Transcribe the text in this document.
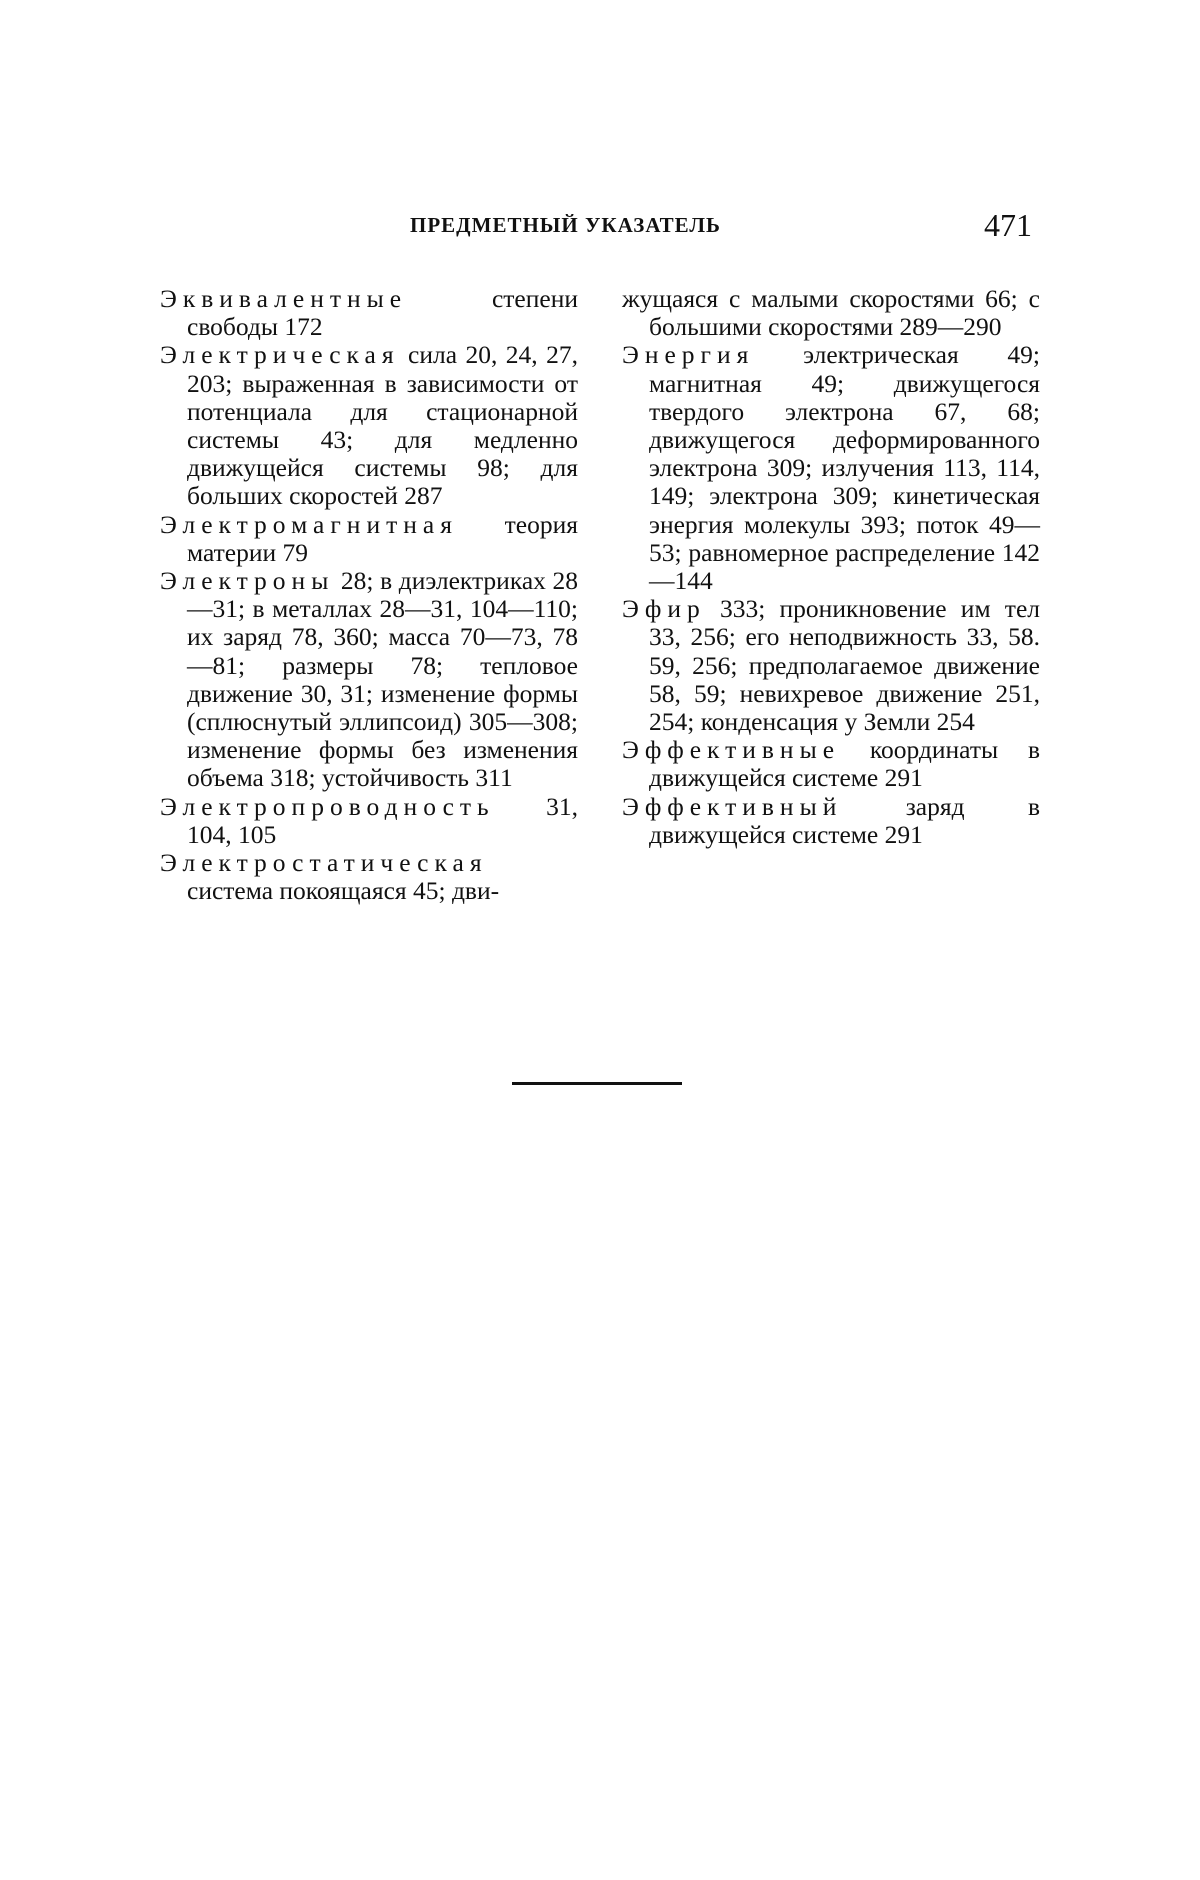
ПРЕДМЕТНЫЙ УКАЗАТЕЛЬ	471

Эквивалентные степени свободы 172

Электрическая сила 20, 24, 27, 203; выраженная в зависимости от потенциала для стационарной системы 43; для медленно движущейся системы 98; для больших скоростей 287

Электромагнитная теория материи 79

Электроны 28; в диэлектриках 28—31; в металлах 28—31, 104—110; их заряд 78, 360; масса 70—73, 78—81; размеры 78; тепловое движение 30, 31; изменение формы (сплюснутый эллипсоид) 305—308; изменение формы без изменения объема 318; устойчивость 311

Электропроводность 31, 104, 105

Электростатическая система покоящаяся 45; дви-

жущаяся с малыми скоростями 66; с большими скоростями 289—290

Энергия электрическая 49; магнитная 49; движущегося твердого электрона 67, 68; движущегося деформированного электрона 309; излучения 113, 114, 149; электрона 309; кинетическая энергия молекулы 393; поток 49—53; равномерное распределение 142—144

Эфир 333; проникновение им тел 33, 256; его неподвижность 33, 58. 59, 256; предполагаемое движение 58, 59; невихревое движение 251, 254; конденсация у Земли 254

Эффективные координаты в движущейся системе 291

Эффективный заряд в движущейся системе 291
